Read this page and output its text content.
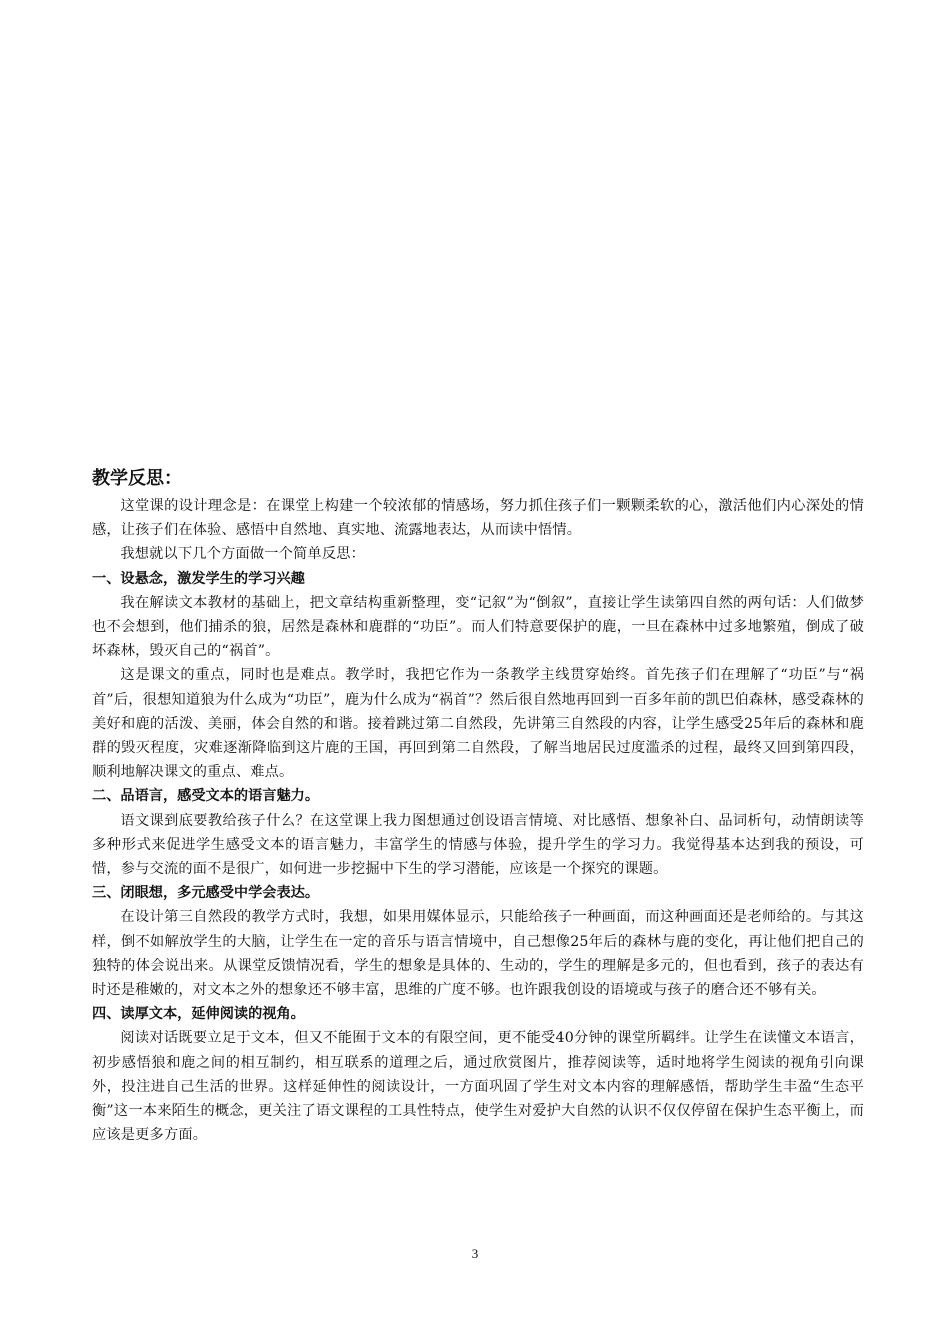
教学反思：

这堂课的设计理念是：在课堂上构建一个较浓郁的情感场，努力抓住孩子们一颗颗柔软的心，激活他们内心深处的情感，让孩子们在体验、感悟中自然地、真实地、流露地表达，从而读中悟情。

我想就以下几个方面做一个简单反思：

一、设悬念，激发学生的学习兴趣

我在解读文本教材的基础上，把文章结构重新整理，变“记叙”为“倒叙”，直接让学生读第四自然的两句话：人们做梦也不会想到，他们捕杀的狼，居然是森林和鹿群的“功臣”。而人们特意要保护的鹿，一旦在森林中过多地繁殖，倒成了破坏森林，毁灭自己的“祸首”。

这是课文的重点，同时也是难点。教学时，我把它作为一条教学主线贯穿始终。首先孩子们在理解了“功臣”与“祸首”后，很想知道狼为什么成为“功臣”，鹿为什么成为“祸首”？然后很自然地再回到一百多年前的凯巴伯森林，感受森林的美好和鹿的活泼、美丽，体会自然的和谐。接着跳过第二自然段，先讲第三自然段的内容，让学生感受25年后的森林和鹿群的毁灭程度，灾难逐渐降临到这片鹿的王国，再回到第二自然段，了解当地居民过度滥杀的过程，最终又回到第四段，顺利地解决课文的重点、难点。

二、品语言，感受文本的语言魅力。

语文课到底要教给孩子什么？在这堂课上我力图想通过创设语言情境、对比感悟、想象补白、品词析句，动情朗读等多种形式来促进学生感受文本的语言魅力，丰富学生的情感与体验，提升学生的学习力。我觉得基本达到我的预设，可惜，参与交流的面不是很广，如何进一步挖掘中下生的学习潜能，应该是一个探究的课题。

三、闭眼想，多元感受中学会表达。

在设计第三自然段的教学方式时，我想，如果用媒体显示，只能给孩子一种画面，而这种画面还是老师给的。与其这样，倒不如解放学生的大脑，让学生在一定的音乐与语言情境中，自己想像25年后的森林与鹿的变化，再让他们把自己的独特的体会说出来。从课堂反馈情况看，学生的想象是具体的、生动的，学生的理解是多元的，但也看到，孩子的表达有时还是稚嫩的，对文本之外的想象还不够丰富，思维的广度不够。也许跟我创设的语境或与孩子的磨合还不够有关。

四、读厚文本，延伸阅读的视角。

阅读对话既要立足于文本，但又不能囿于文本的有限空间，更不能受40分钟的课堂所羁绊。让学生在读懂文本语言，初步感悟狼和鹿之间的相互制约，相互联系的道理之后，通过欣赏图片，推荐阅读等，适时地将学生阅读的视角引向课外，投注进自己生活的世界。这样延伸性的阅读设计，一方面巩固了学生对文本内容的理解感悟，帮助学生丰盈“生态平衡”这一本来陌生的概念，更关注了语文课程的工具性特点，使学生对爱护大自然的认识不仅仅停留在保护生态平衡上，而应该是更多方面。

3
